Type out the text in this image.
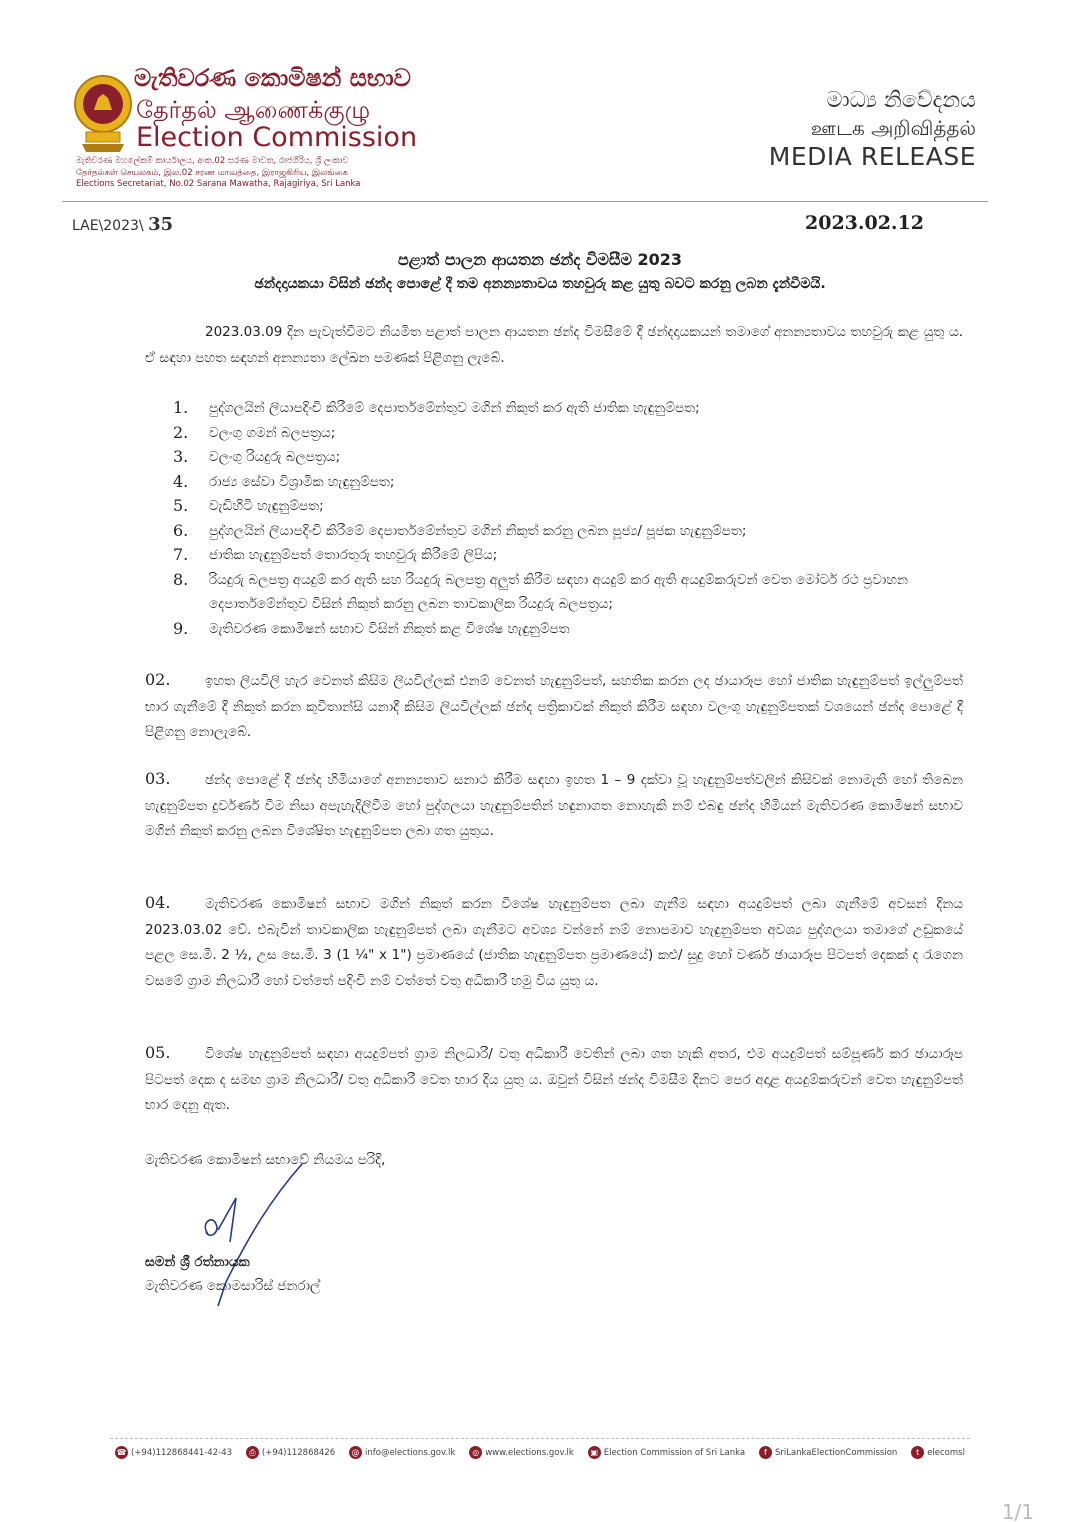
මැතිවරණ කොමිෂන් සභාව
தேர்தல் ஆணைக்குழு
Election Commission
මැතිවරණ මහලේකම් කාර්යාලය, අංක.02 සරණ මාවත, රාජගිරිය, ශ්‍රී ලංකාව
தேர்தல்கள் செயலகம், இல.02 சரண மாவத்தை, இராஜகிரிய, இலங்கை
Elections Secretariat, No.02 Sarana Mawatha, Rajagiriya, Sri Lanka
මාධ්‍ය නිවේදනය
ஊடக அறிவித்தல்
MEDIA RELEASE
LAE\2023\ 35	2023.02.12
පළාත් පාලන ආයතන ඡන්ද විමසීම 2023
ඡන්දදායකයා විසින් ඡන්ද පොළේ දී තම අනන්‍යතාවය තහවුරු කළ යුතු බවට කරනු ලබන දැන්වීමයි.
2023.03.09 දින පැවැත්වීමට නියමිත පළාත් පාලන ආයතන ඡන්ද විමසීමේ දී ඡන්දදායකයන් තමාගේ අනන්‍යතාවය තහවුරු කළ යුතු ය. ඒ සඳහා පහත සඳහන් අනන්‍යතා ලේඛන පමණක් පිළිගනු ලැබේ.
1.	පුද්ගලයින් ලියාපදිංචි කිරීමේ දෙපාර්තමේන්තුව මගින් නිකුත් කර ඇති ජාතික හැඳුනුම්පත;
2.	වලංගු ගමන් බලපත්‍රය;
3.	වලංගු රියදුරු බලපත්‍රය;
4.	රාජ්‍ය සේවා විශ්‍රාමික හැඳුනුම්පත;
5.	වැඩිහිටි හැඳුනුම්පත;
6.	පුද්ගලයින් ලියාපදිංචි කිරීමේ දෙපාර්තමේන්තුව මගින් නිකුත් කරනු ලබන පූජ්‍ය/ පූජක හැඳුනුම්පත;
7.	ජාතික හැඳුනුම්පත් තොරතුරු තහවුරු කිරීමේ ලිපිය;
8.	රියදුරු බලපත්‍ර අයදුම් කර ඇති සහ රියදුරු බලපත්‍ර අලුත් කිරීම සඳහා අයදුම් කර ඇති අයදුම්කරුවන් වෙත මෝටර් රථ ප්‍රවාහන දෙපාර්තමේන්තුව විසින් නිකුත් කරනු ලබන තාවකාලික රියදුරු බලපත්‍රය;
9.	මැතිවරණ කොමිෂන් සභාව විසින් නිකුත් කළ විශේෂ හැඳුනුම්පත
02.	ඉහත ලියවිලි හැර වෙනත් කිසිම ලියවිල්ලක් එනම් වෙනත් හැඳුනුම්පත්, සහතික කරන ලද ඡායාරූප හෝ ජාතික හැඳුනුම්පත් ඉල්ලුම්පත් භාර ගැනීමේ දී නිකුත් කරන කුවිතාන්සි යනාදී කිසිම ලියවිල්ලක් ඡන්ද පත්‍රිකාවක් නිකුත් කිරීම සඳහා වලංගු හැඳුනුම්පතක් වශයෙන් ඡන්ද පොළේ දී පිළිගනු නොලැබේ.
03.	ඡන්ද පොළේ දී ඡන්ද හිමියාගේ අනන්‍යතාව සනාථ කිරීම සඳහා ඉහත 1 – 9 දක්වා වූ හැඳුනුම්පත්වලින් කිසිවක් නොමැති හෝ තිබෙන හැඳුනුම්පත දුර්වර්ණ වීම නිසා අපැහැදිලිවීම හෝ පුද්ගලයා හැඳුනුම්පතින් හඳුනාගත නොහැකි නම් එබඳු ඡන්ද හිමියන් මැතිවරණ කොමිෂන් සභාව මගින් නිකුත් කරනු ලබන විශේෂිත හැඳුනුම්පත ලබා ගත යුතුය.
04.	මැතිවරණ කොමිෂන් සභාව මගින් නිකුත් කරන විශේෂ හැඳුනුම්පත ලබා ගැනීම සඳහා අයදුම්පත් ලබා ගැනීමේ අවසන් දිනය 2023.03.02 වේ. එබැවින් තාවකාලික හැඳුනුම්පත් ලබා ගැනීමට අවශ්‍ය වන්නේ නම් නොපමාව හැඳුනුම්පත අවශ්‍ය පුද්ගලයා තමාගේ උඩුකයේ පළල සෙ.මී. 2 ½, උස සෙ.මී. 3 (1 ¼" x 1") ප්‍රමාණයේ (ජාතික හැඳුනුම්පත ප්‍රමාණයේ) කළු/ සුදු හෝ වර්ණ ඡායාරූප පිටපත් දෙකක් ද රැගෙන වසමේ ග්‍රාම නිලධාරී හෝ වත්තේ පදිංචි නම් වත්තේ වතු අධිකාරී හමු විය යුතු ය.
05.	විශේෂ හැඳුනුම්පත් සඳහා අයදුම්පත් ග්‍රාම නිලධාරී/ වතු අධිකාරී වෙතින් ලබා ගත හැකි අතර, එම අයදුම්පත් සම්පූර්ණ කර ඡායාරූප පිටපත් දෙක ද සමඟ ග්‍රාම නිලධාරී/ වතු අධිකාරී වෙත භාර දිය යුතු ය. ඔවුන් විසින් ඡන්ද විමසීම දිනට පෙර අදාළ අයදුම්කරුවන් වෙත හැඳුනුම්පත් භාර දෙනු ඇත.
මැතිවරණ කොමිෂන් සභාවේ නියමය පරිදි,
සමන් ශ්‍රී රත්නායක
මැතිවරණ කොමසාරිස් ජනරාල්
☎ (+94)112868441-42-43	⎙ (+94)112868426	@ info@elections.gov.lk	◎ www.elections.gov.lk	▣ Election Commission of Sri Lanka	f SriLankaElectionCommission	t elecomsl
1/1
